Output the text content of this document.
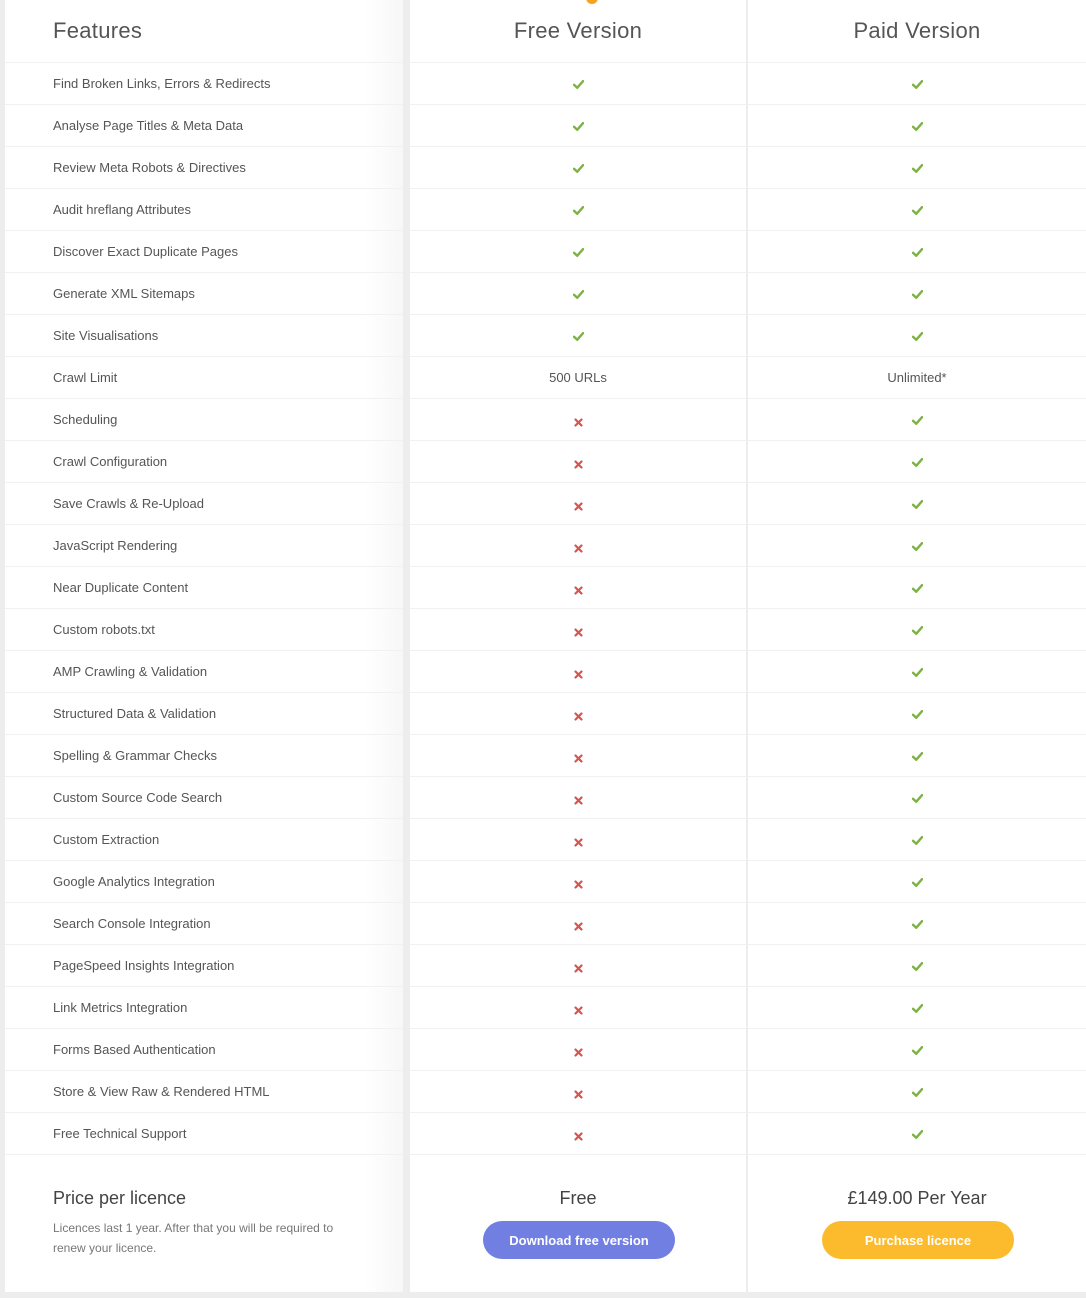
Features
Find Broken Links, Errors & Redirects
Analyse Page Titles & Meta Data
Review Meta Robots & Directives
Audit hreflang Attributes
Discover Exact Duplicate Pages
Generate XML Sitemaps
Site Visualisations
Crawl Limit
Scheduling
Crawl Configuration
Save Crawls & Re-Upload
JavaScript Rendering
Near Duplicate Content
Custom robots.txt
AMP Crawling & Validation
Structured Data & Validation
Spelling & Grammar Checks
Custom Source Code Search
Custom Extraction
Google Analytics Integration
Search Console Integration
PageSpeed Insights Integration
Link Metrics Integration
Forms Based Authentication
Store & View Raw & Rendered HTML
Free Technical Support
Price per licence
Licences last 1 year. After that you will be required to renew your licence.
Free Version
500 URLs
Free
Download free version
Paid Version
Unlimited*
£149.00 Per Year
Purchase licence
